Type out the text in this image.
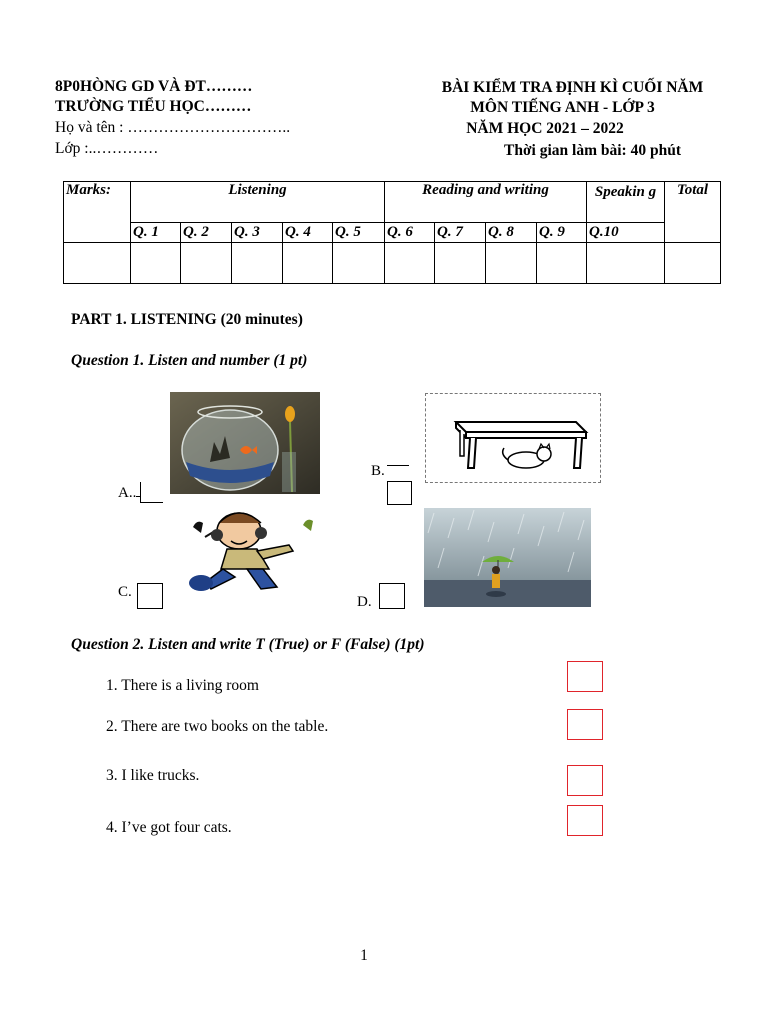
8P0HÒNG GD VÀ ĐT………
TRƯỜNG TIỂU HỌC………
Họ và tên : …………………………..
Lớp :..…………
BÀI KIỂM TRA ĐỊNH KÌ CUỐI NĂM
MÔN TIẾNG ANH - LỚP 3
NĂM HỌC 2021 – 2022
Thời gian làm bài: 40 phút
Marks:	Listening					Reading and writing				Speakin g	Total
	Q. 1	Q. 2	Q. 3	Q. 4	Q. 5	Q. 6	Q. 7	Q. 8	Q. 9	Q.10	

PART 1. LISTENING (20 minutes)
Question 1. Listen and number (1 pt)
A..
B.
C.
D.
Question 2. Listen and write T (True) or F (False) (1pt)
1. There is a living room
2. There are two books on the table.
3. I like trucks.
4. I’ve got four cats.
1
